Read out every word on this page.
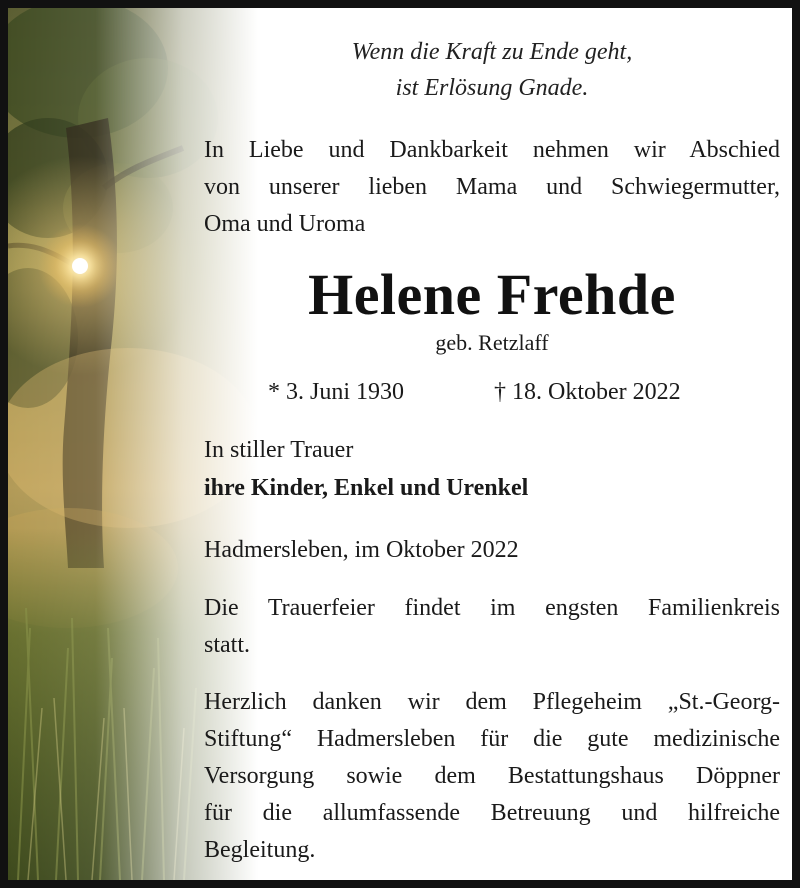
Wenn die Kraft zu Ende geht,
ist Erlösung Gnade.
In Liebe und Dankbarkeit nehmen wir Abschied
von unserer lieben Mama und Schwiegermutter,
Oma und Uroma
Helene Frehde
geb. Retzlaff
* 3. Juni 1930	† 18. Oktober 2022
In stiller Trauer
ihre Kinder, Enkel und Urenkel
Hadmersleben, im Oktober 2022
Die Trauerfeier findet im engsten Familienkreis
statt.
Herzlich danken wir dem Pflegeheim „St.-Georg-
Stiftung“ Hadmersleben für die gute medizinische
Versorgung sowie dem Bestattungshaus Döppner
für die allumfassende Betreuung und hilfreiche
Begleitung.
